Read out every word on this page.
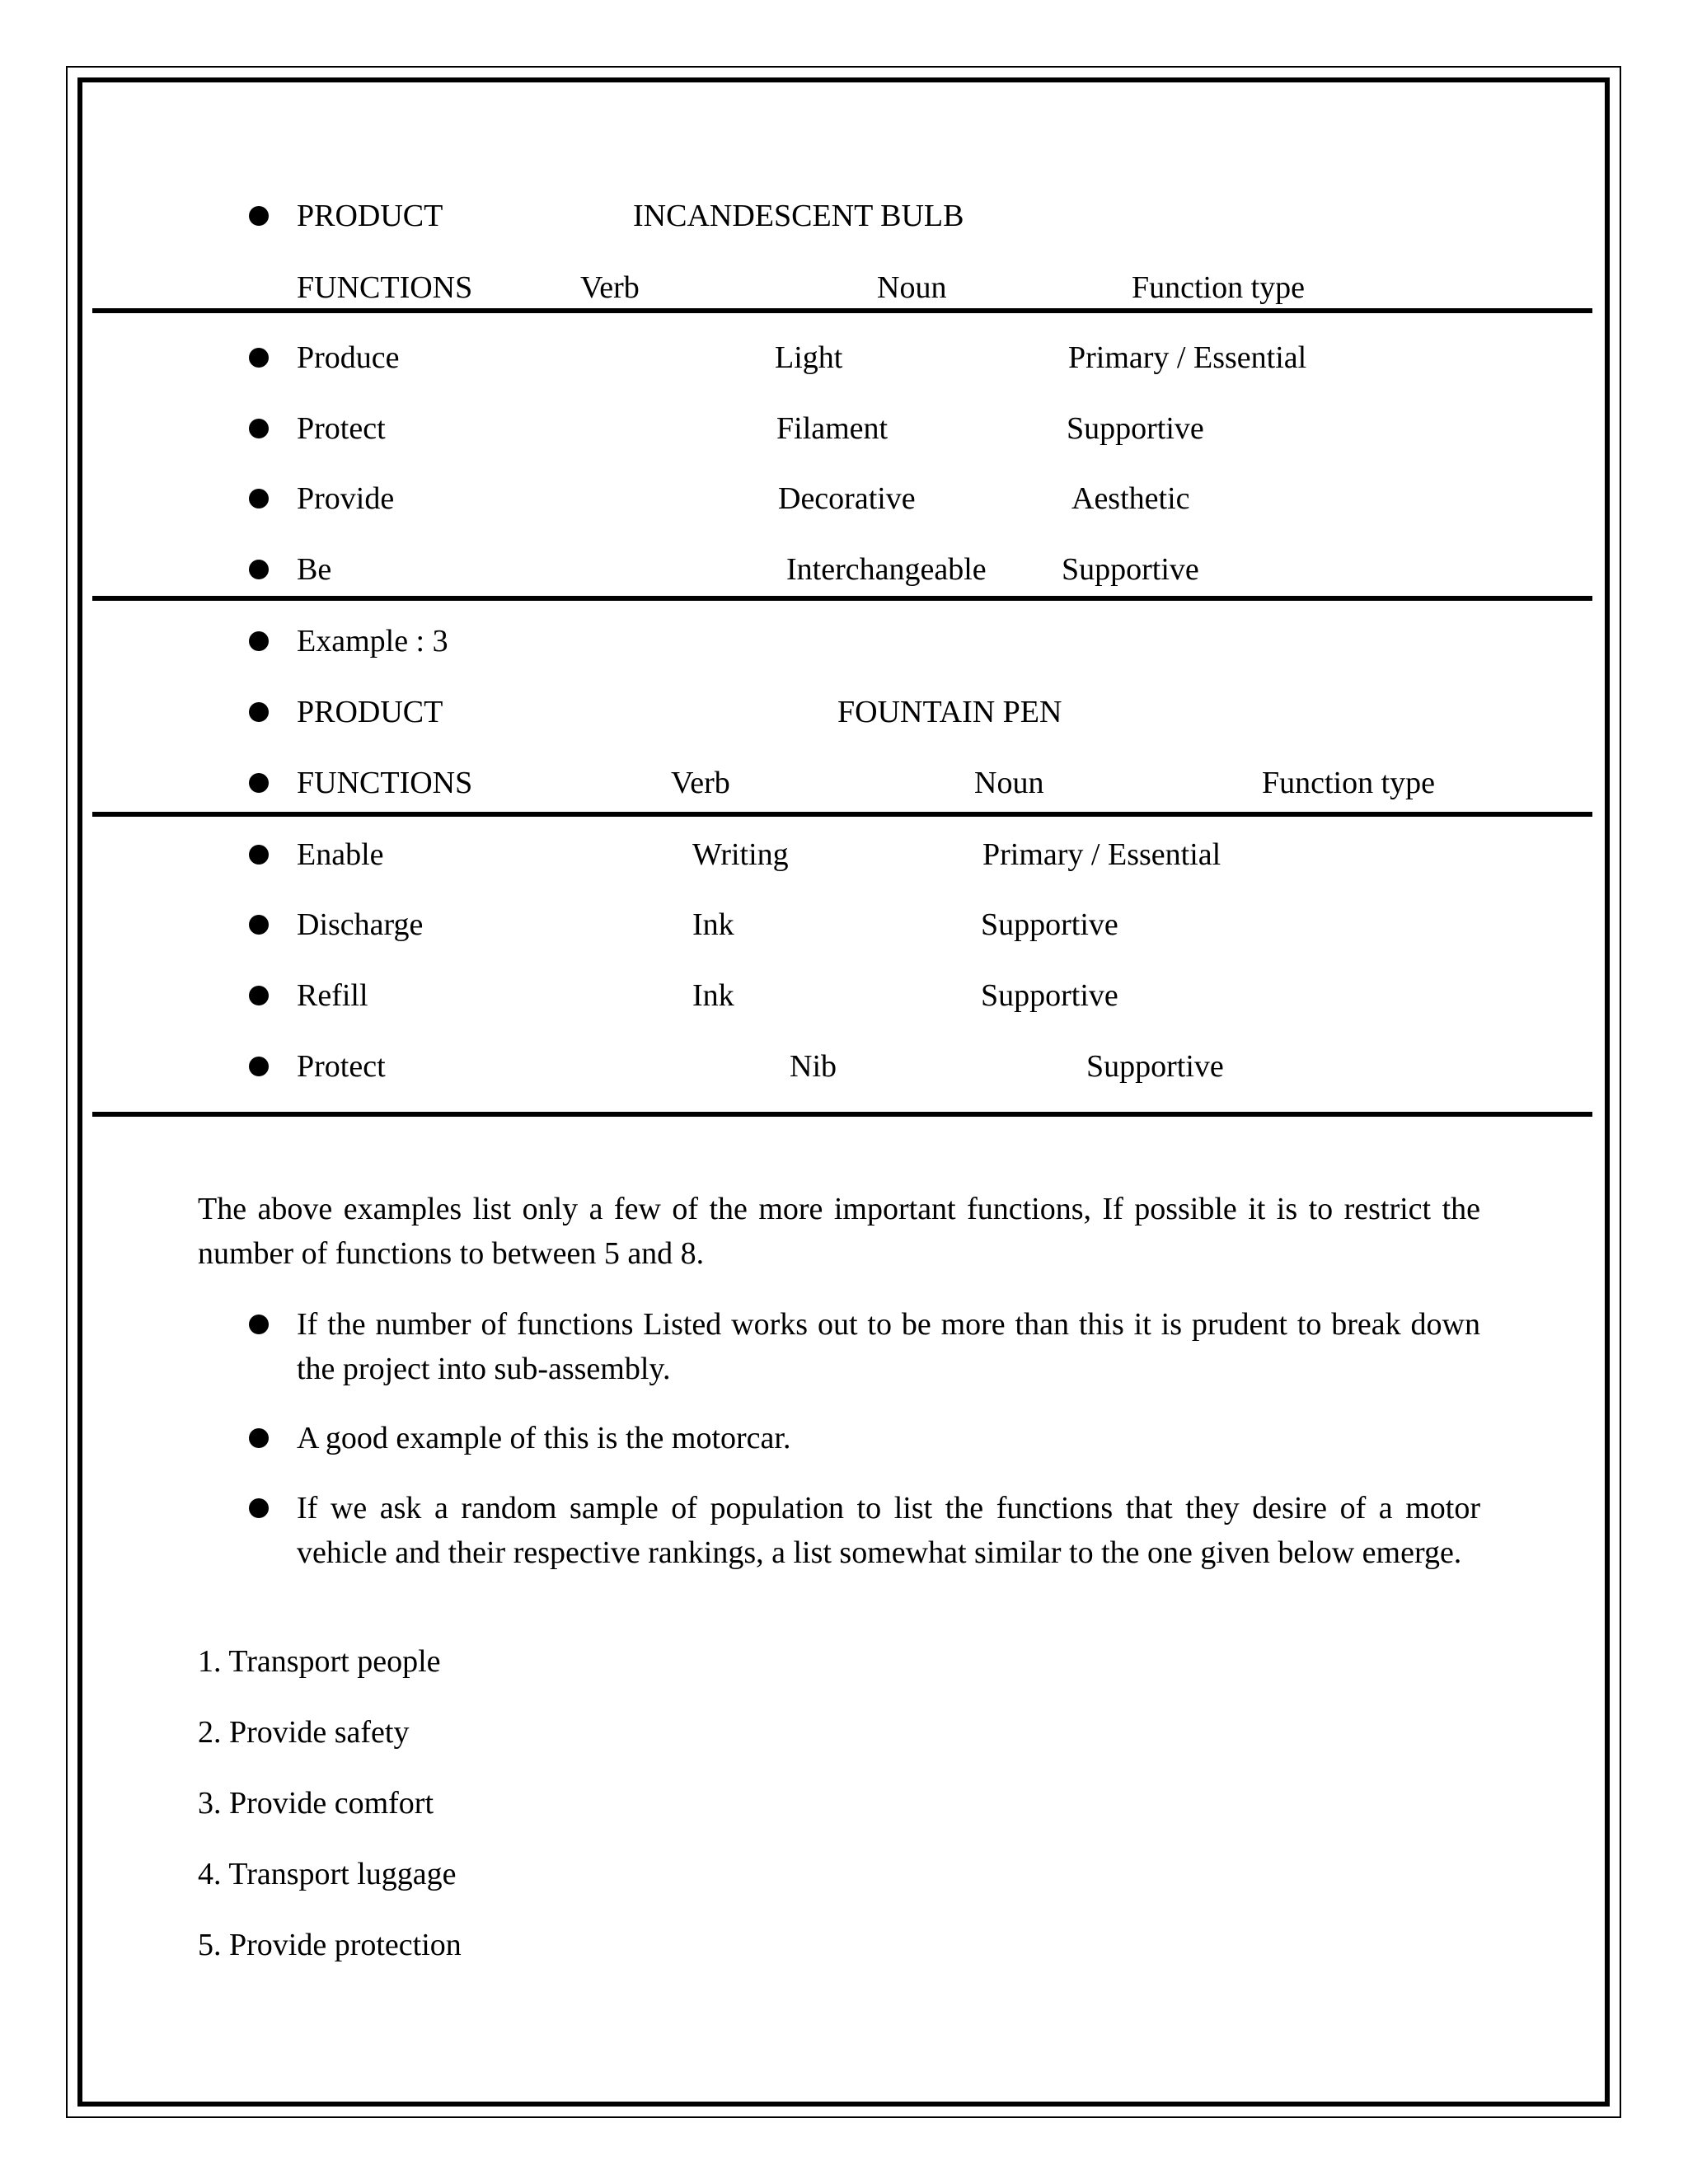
PRODUCT	INCANDESCENT BULB
FUNCTIONS	Verb	Noun	Function type
Produce	Light	Primary / Essential
Protect	Filament	Supportive
Provide	Decorative	Aesthetic
Be	Interchangeable Supportive
Example : 3
PRODUCT	FOUNTAIN PEN
FUNCTIONS	Verb	Noun	Function type
Enable	Writing	Primary / Essential
Discharge	Ink	Supportive
Refill	Ink	Supportive
Protect	Nib	Supportive
The above examples list only a few of the more important functions, If possible it is to restrict the number of functions to between 5 and 8.
If the number of functions Listed works out to be more than this it is prudent to break down the project into sub-assembly.
A good example of this is the motorcar.
If we ask a random sample of population to list the functions that they desire of a motor vehicle and their respective rankings, a list somewhat similar to the one given below emerge.
1. Transport people
2. Provide safety
3. Provide comfort
4. Transport luggage
5. Provide protection
